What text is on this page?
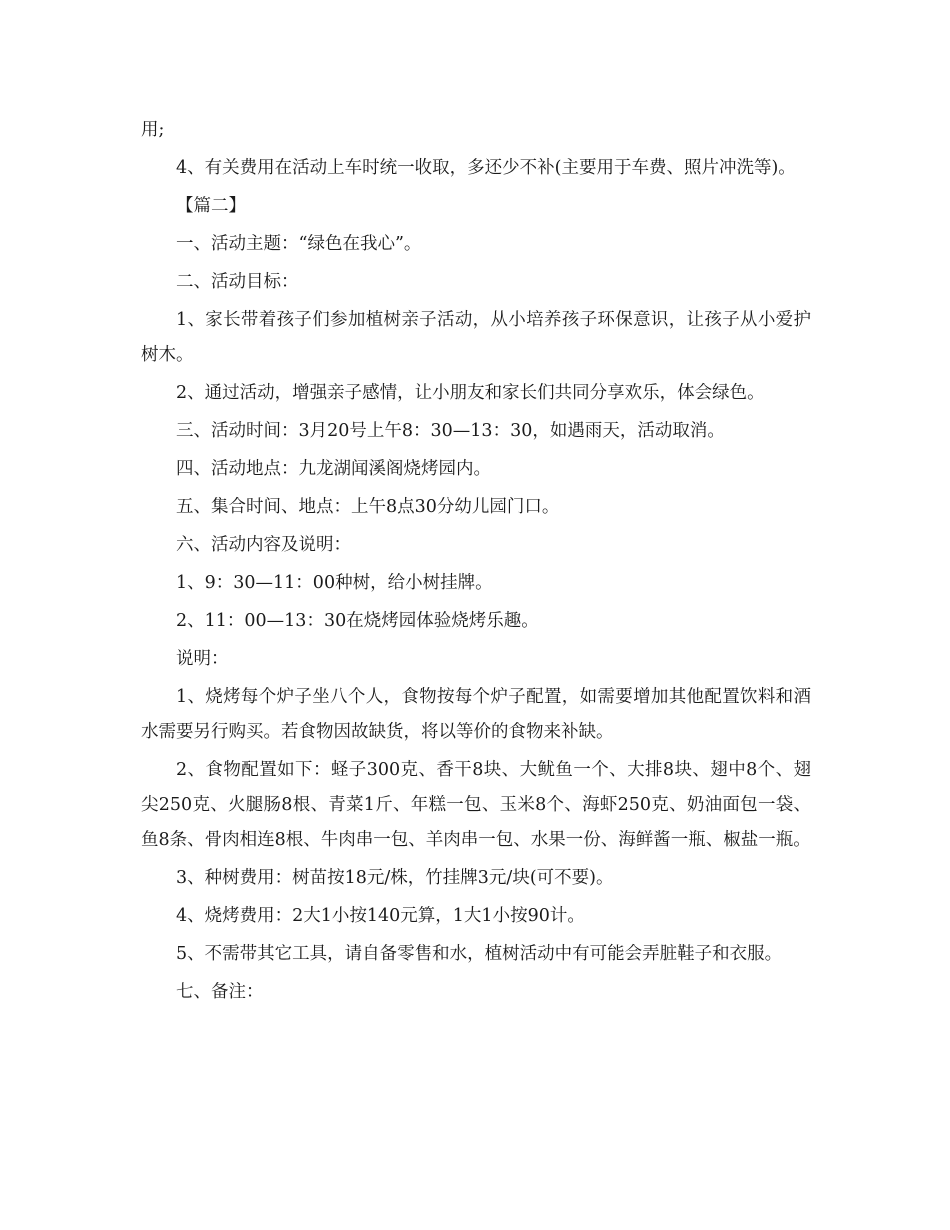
用;

4、有关费用在活动上车时统一收取，多还少不补(主要用于车费、照片冲洗等)。

【篇二】

一、活动主题：“绿色在我心”。

二、活动目标：

1、家长带着孩子们参加植树亲子活动，从小培养孩子环保意识，让孩子从小爱护树木。

2、通过活动，增强亲子感情，让小朋友和家长们共同分享欢乐，体会绿色。

三、活动时间：3月20号上午8：30—13：30，如遇雨天，活动取消。

四、活动地点：九龙湖闻溪阁烧烤园内。

五、集合时间、地点：上午8点30分幼儿园门口。

六、活动内容及说明：

1、9：30—11：00种树，给小树挂牌。

2、11：00—13：30在烧烤园体验烧烤乐趣。

说明：

1、烧烤每个炉子坐八个人，食物按每个炉子配置，如需要增加其他配置饮料和酒水需要另行购买。若食物因故缺货，将以等价的食物来补缺。

2、食物配置如下：蛏子300克、香干8块、大鱿鱼一个、大排8块、翅中8个、翅尖250克、火腿肠8根、青菜1斤、年糕一包、玉米8个、海虾250克、奶油面包一袋、鱼8条、骨肉相连8根、牛肉串一包、羊肉串一包、水果一份、海鲜酱一瓶、椒盐一瓶。

3、种树费用：树苗按18元/株，竹挂牌3元/块(可不要)。

4、烧烤费用：2大1小按140元算，1大1小按90计。

5、不需带其它工具，请自备零售和水，植树活动中有可能会弄脏鞋子和衣服。

七、备注：
